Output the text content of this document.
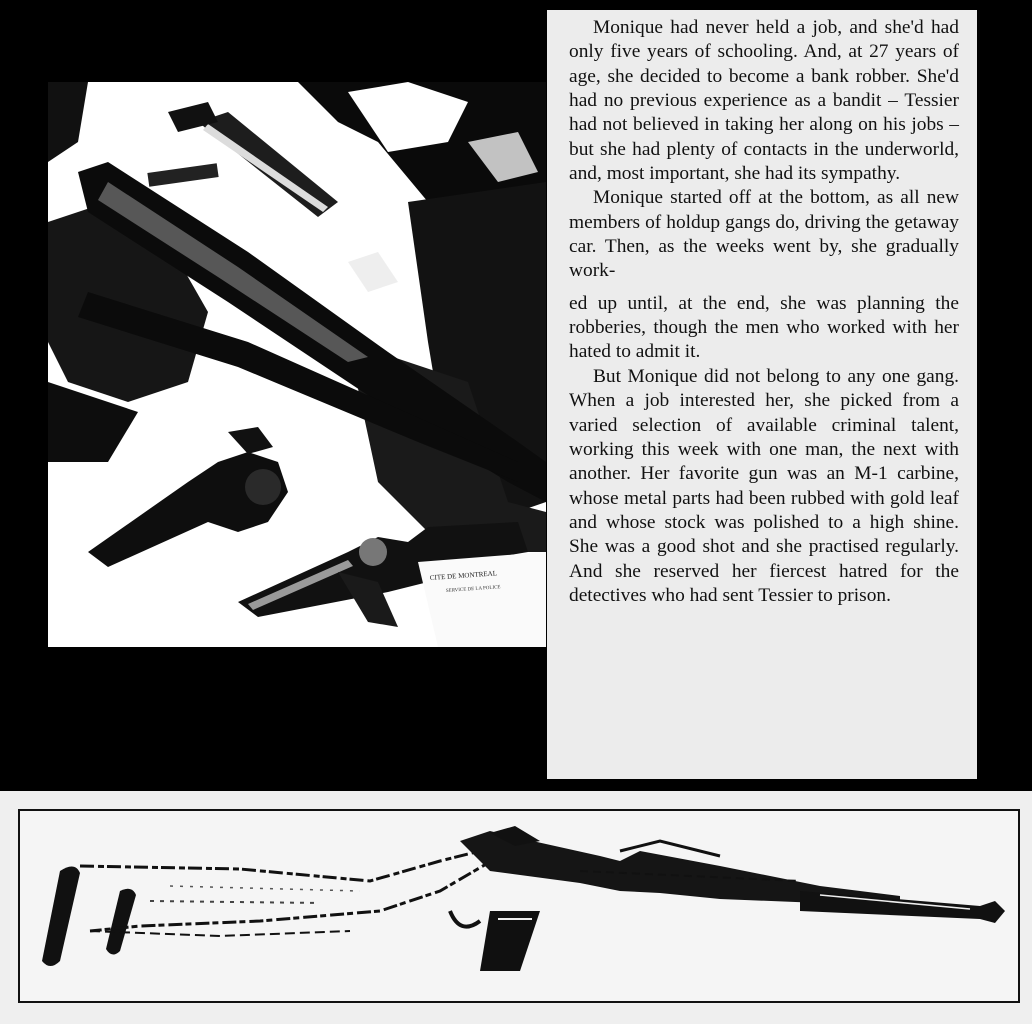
CITE DE MONTREAL
SERVICE DE LA POLICE

Monique had never held a job, and she'd had only five years of schooling. And, at 27 years of age, she decided to become a bank robber. She'd had no previous experience as a bandit – Tessier had not believed in taking her along on his jobs – but she had plenty of contacts in the underworld, and, most important, she had its sympathy.

Monique started off at the bottom, as all new members of holdup gangs do, driving the getaway car. Then, as the weeks went by, she gradually work-

ed up until, at the end, she was planning the robberies, though the men who worked with her hated to admit it.

But Monique did not belong to any one gang. When a job interested her, she picked from a varied selection of available criminal talent, working this week with one man, the next with another. Her favorite gun was an M-1 carbine, whose metal parts had been rubbed with gold leaf and whose stock was polished to a high shine. She was a good shot and she practised regularly. And she reserved her fiercest hatred for the detectives who had sent Tessier to prison.
